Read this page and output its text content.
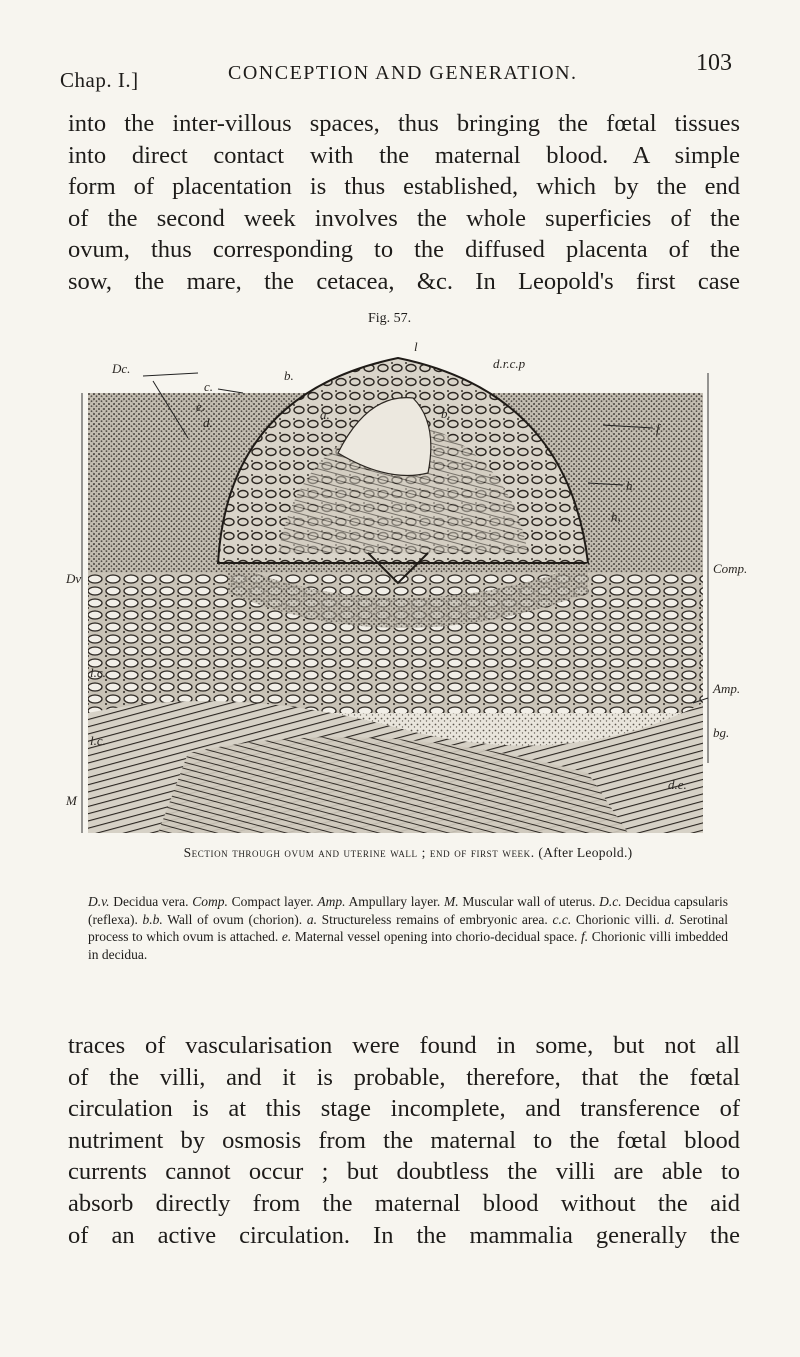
Chap. I.]	CONCEPTION AND GENERATION.	103
into the inter-villous spaces, thus bringing the fœtal tissues
into direct contact with the maternal blood. A simple
form of placentation is thus established, which by the end
of the second week involves the whole superficies of the
ovum, thus corresponding to the diffused placenta of the
sow, the mare, the cetacea, &c. In Leopold's first case
Fig. 57.
Dc.
c.
e.
d.
b.
a.	b.
d.r.c.p
l
f
h
h,
Dv
l.c.
l.c.
M
Comp.
Amp.
bg.
d.e.
Section through ovum and uterine wall ; end of first week. (After Leopold.)
D.v. Decidua vera. Comp. Compact layer. Amp. Ampullary layer. M. Muscular wall of uterus. D.c. Decidua capsularis (reflexa). b.b. Wall of ovum (chorion). a. Structureless remains of embryonic area. c.c. Chorionic villi. d. Serotinal process to which ovum is attached. e. Maternal vessel opening into chorio-decidual space. f. Chorionic villi imbedded in decidua.
traces of vascularisation were found in some, but not all
of the villi, and it is probable, therefore, that the fœtal
circulation is at this stage incomplete, and transference of
nutriment by osmosis from the maternal to the fœtal blood
currents cannot occur ; but doubtless the villi are able to
absorb directly from the maternal blood without the aid
of an active circulation. In the mammalia generally the
